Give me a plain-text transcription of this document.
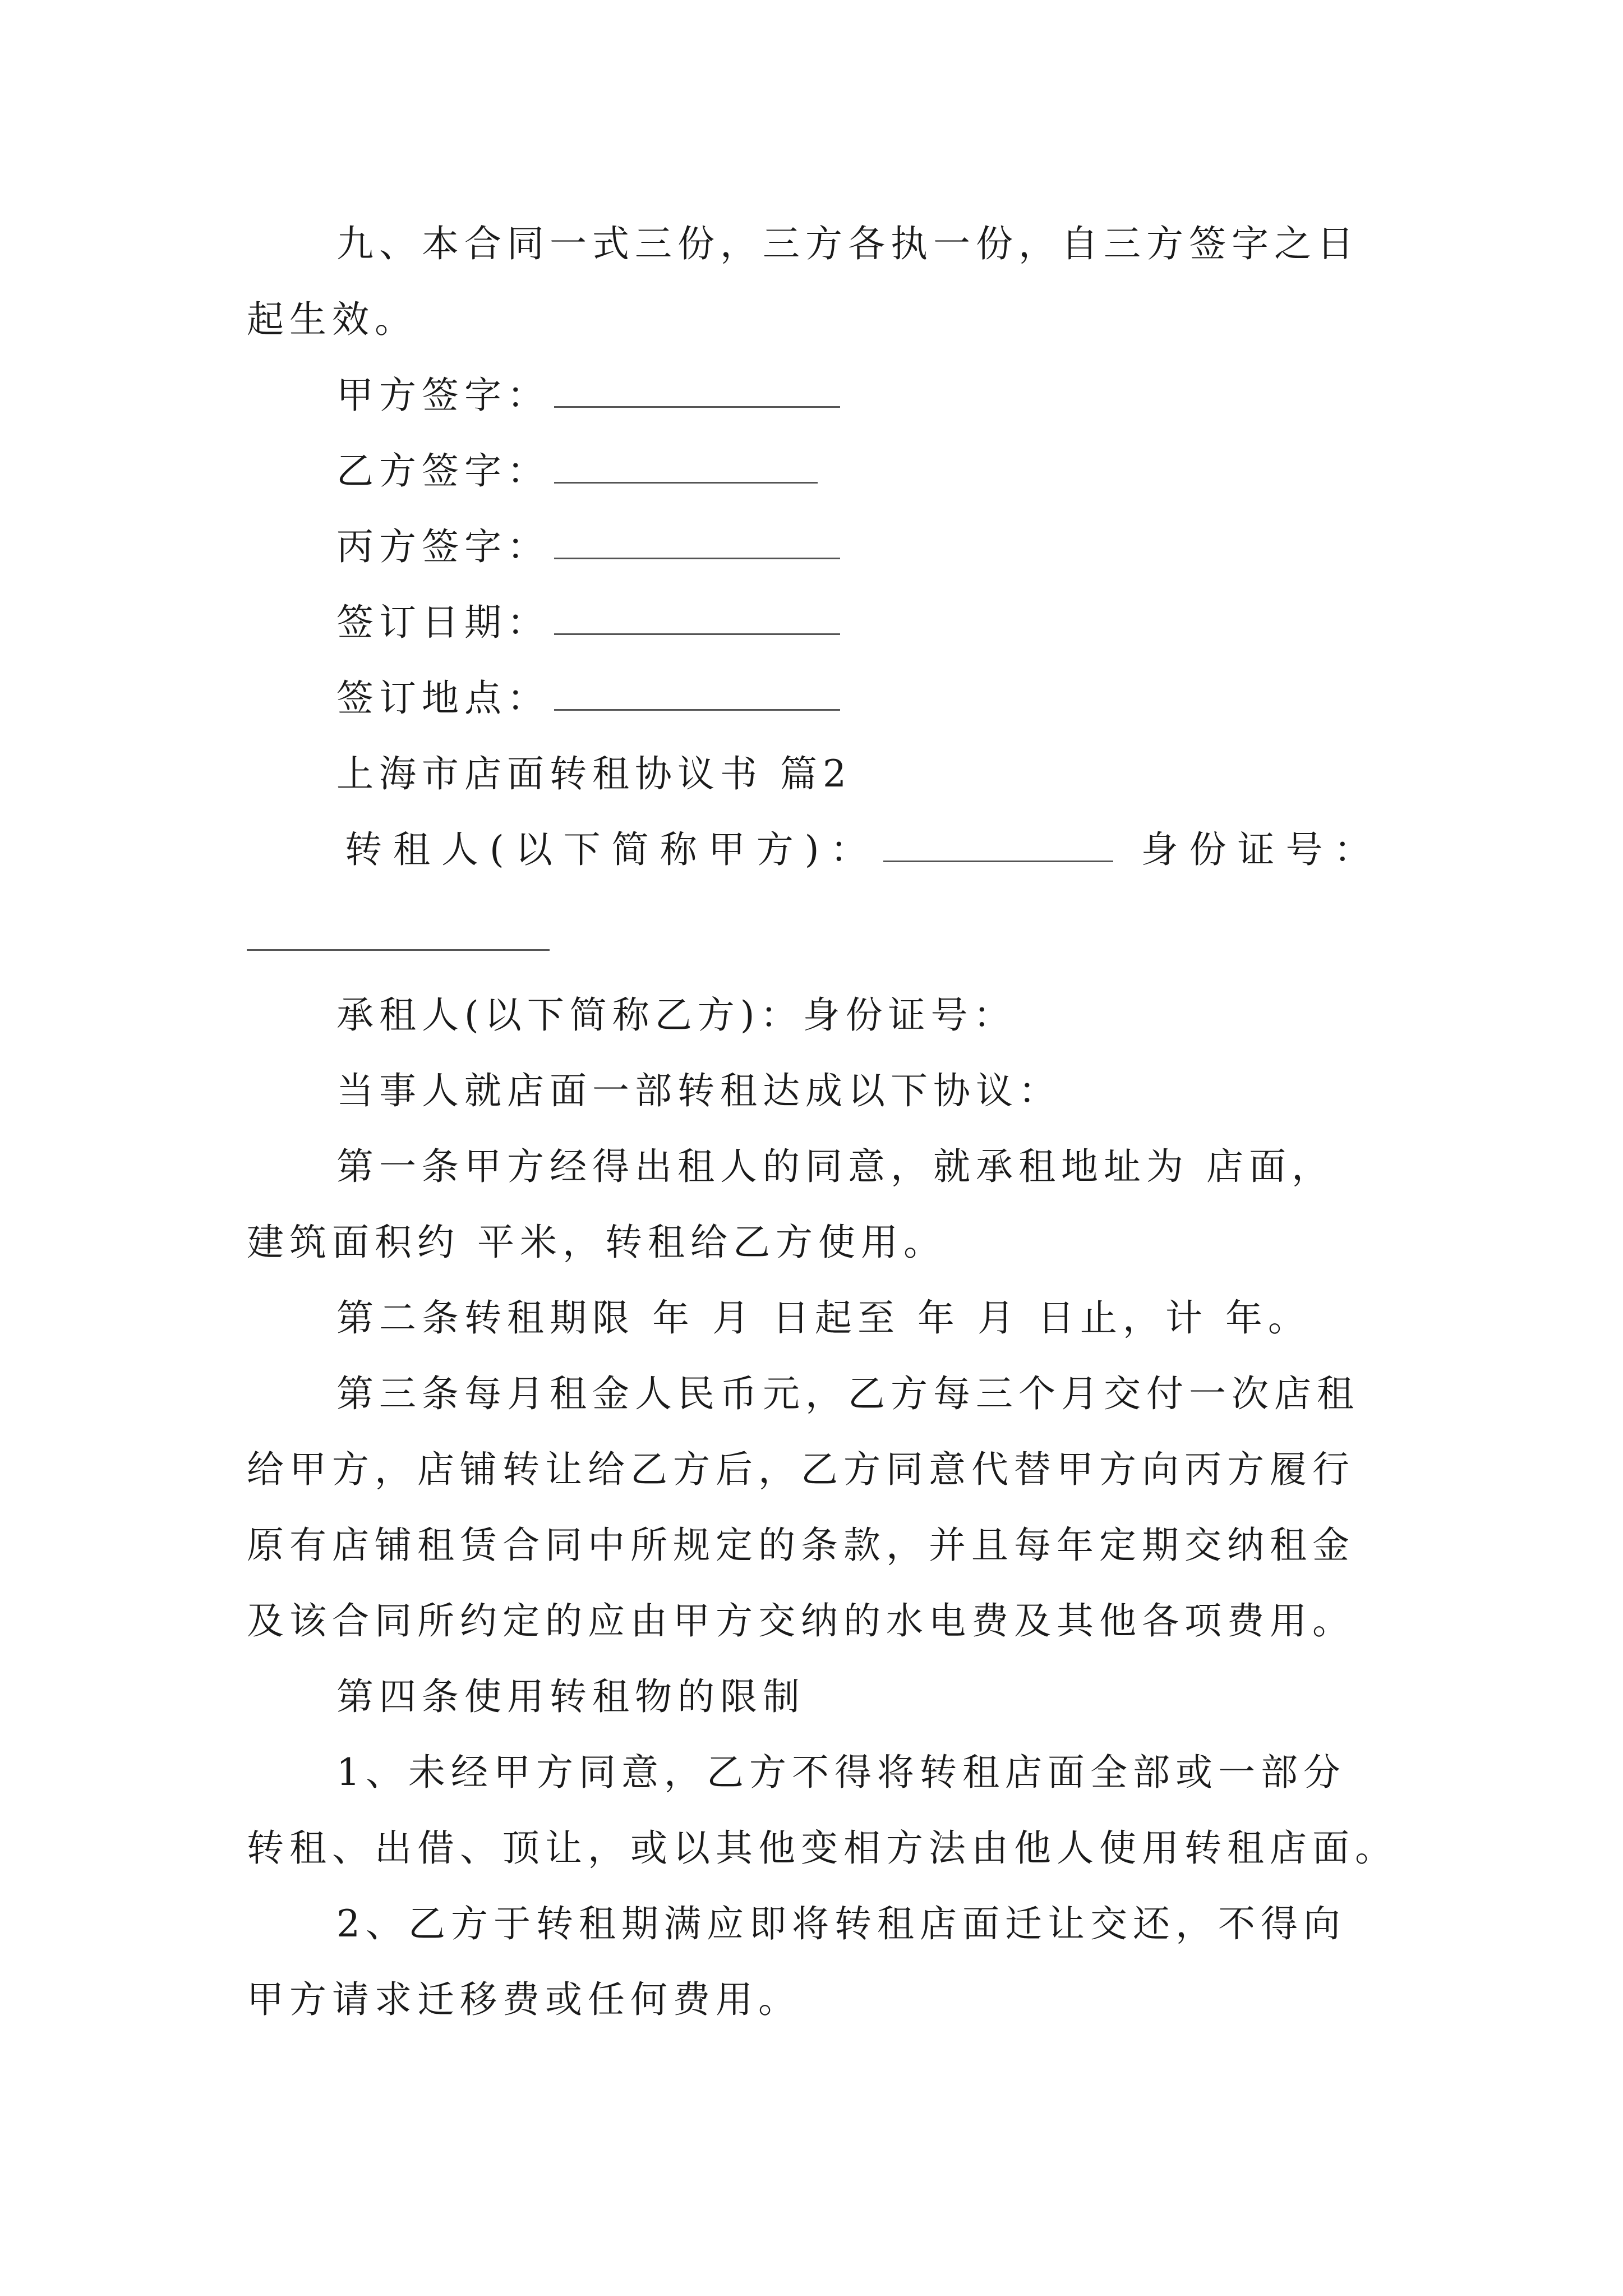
九、本合同一式三份，三方各执一份，自三方签字之日
起生效。
甲方签字：
乙方签字：
丙方签字：
签订日期：
签订地点：
上海市店面转租协议书 篇2
转租人(以下简称甲方)：	身份证号：
承租人(以下简称乙方)：身份证号：
当事人就店面一部转租达成以下协议：
第一条甲方经得出租人的同意，就承租地址为 店面，
建筑面积约 平米，转租给乙方使用。
第二条转租期限 年 月 日起至 年 月 日止，计 年。
第三条每月租金人民币元，乙方每三个月交付一次店租
给甲方，店铺转让给乙方后，乙方同意代替甲方向丙方履行
原有店铺租赁合同中所规定的条款，并且每年定期交纳租金
及该合同所约定的应由甲方交纳的水电费及其他各项费用。
第四条使用转租物的限制
1、未经甲方同意，乙方不得将转租店面全部或一部分
转租、出借、顶让，或以其他变相方法由他人使用转租店面。
2、乙方于转租期满应即将转租店面迁让交还，不得向
甲方请求迁移费或任何费用。
